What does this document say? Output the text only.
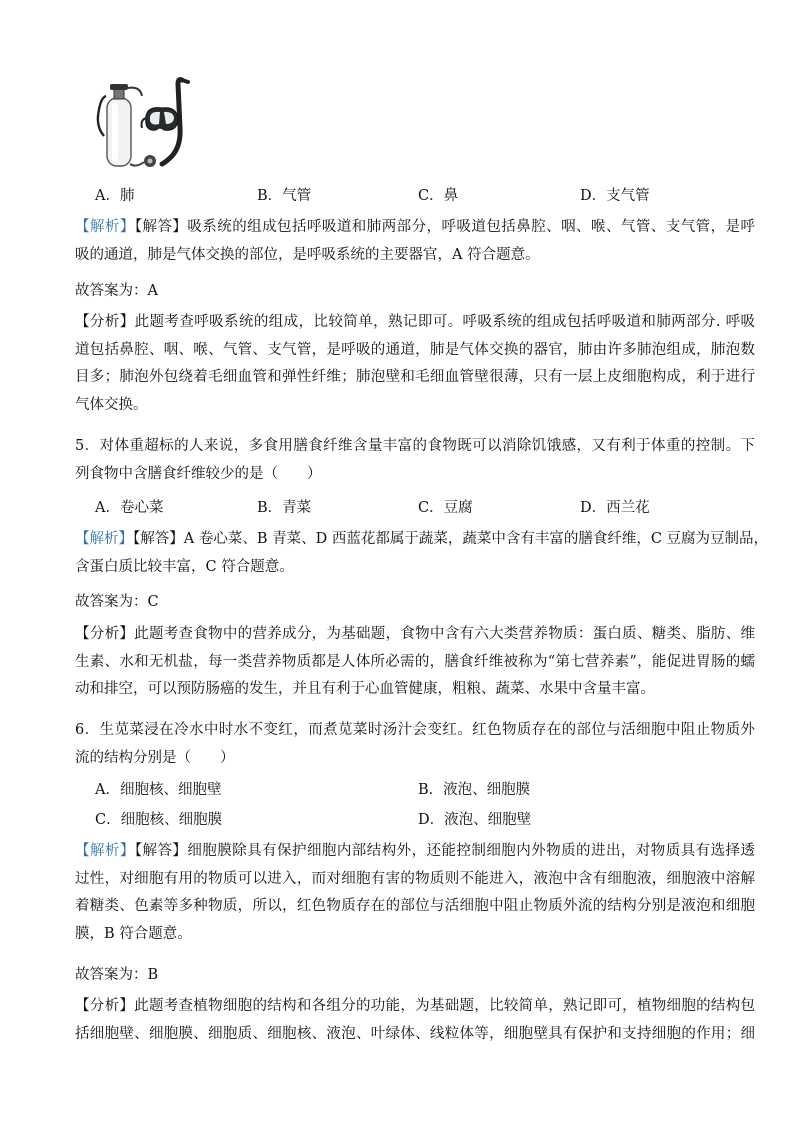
A．肺	B．气管	C．鼻	D．支气管
【解析】【解答】吸系统的组成包括呼吸道和肺两部分，呼吸道包括鼻腔、咽、喉、气管、支气管，是呼
吸的通道，肺是气体交换的部位，是呼吸系统的主要器官，A 符合题意。
故答案为：A
【分析】此题考查呼吸系统的组成，比较简单，熟记即可。呼吸系统的组成包括呼吸道和肺两部分. 呼吸
道包括鼻腔、咽、喉、气管、支气管，是呼吸的通道，肺是气体交换的器官，肺由许多肺泡组成，肺泡数
目多；肺泡外包绕着毛细血管和弹性纤维；肺泡壁和毛细血管壁很薄，只有一层上皮细胞构成，利于进行
气体交换。
5．对体重超标的人来说，多食用膳食纤维含量丰富的食物既可以消除饥饿感，又有利于体重的控制。下
列食物中含膳食纤维较少的是（　　）
A．卷心菜	B．青菜	C．豆腐	D．西兰花
【解析】【解答】A 卷心菜、B 青菜、D 西蓝花都属于蔬菜，蔬菜中含有丰富的膳食纤维，C 豆腐为豆制品，
含蛋白质比较丰富，C 符合题意。
故答案为：C
【分析】此题考查食物中的营养成分，为基础题，食物中含有六大类营养物质：蛋白质、糖类、脂肪、维
生素、水和无机盐，每一类营养物质都是人体所必需的，膳食纤维被称为“第七营养素”，能促进胃肠的蠕
动和排空，可以预防肠癌的发生，并且有利于心血管健康，粗粮、蔬菜、水果中含量丰富。
6．生苋菜浸在冷水中时水不变红，而煮苋菜时汤汁会变红。红色物质存在的部位与活细胞中阻止物质外
流的结构分别是（　　）
A．细胞核、细胞壁	B．液泡、细胞膜
C．细胞核、细胞膜	D．液泡、细胞壁
【解析】【解答】细胞膜除具有保护细胞内部结构外，还能控制细胞内外物质的进出，对物质具有选择透
过性，对细胞有用的物质可以进入，而对细胞有害的物质则不能进入，液泡中含有细胞液，细胞液中溶解
着糖类、色素等多种物质，所以，红色物质存在的部位与活细胞中阻止物质外流的结构分别是液泡和细胞
膜，B 符合题意。
故答案为：B
【分析】此题考查植物细胞的结构和各组分的功能，为基础题，比较简单，熟记即可，植物细胞的结构包
括细胞壁、细胞膜、细胞质、细胞核、液泡、叶绿体、线粒体等，细胞壁具有保护和支持细胞的作用；细
